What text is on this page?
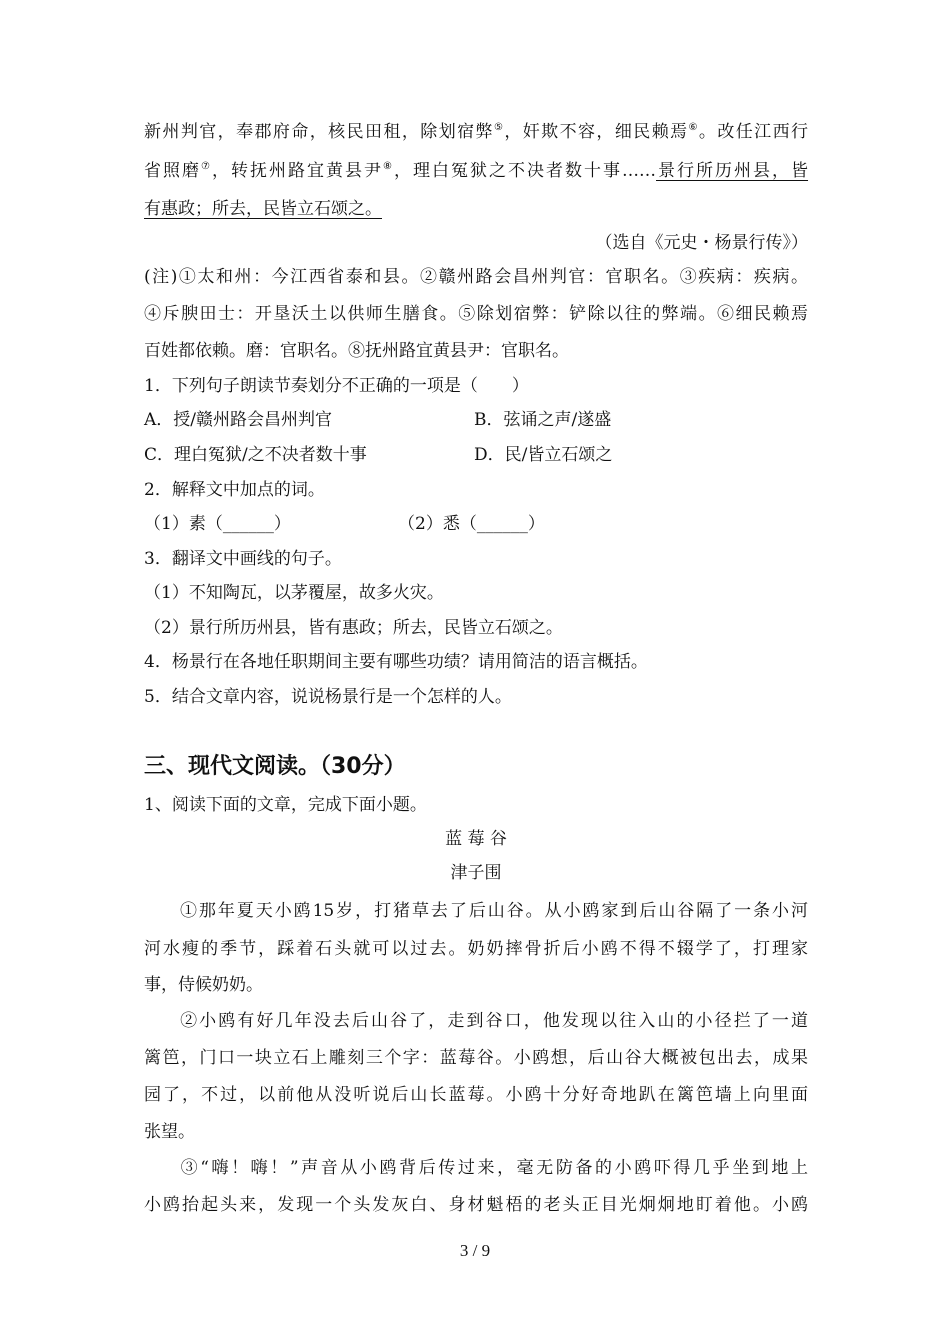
新州判官，奉郡府命，核民田租，除划宿弊⑤，奸欺不容，细民赖焉⑥。改任江西行
省照磨⑦，转抚州路宜黄县尹⑧，理白冤狱之不决者数十事……景行所历州县，皆
有惠政；所去，民皆立石颂之。
（选自《元史・杨景行传》）
(注)①太和州：今江西省泰和县。②赣州路会昌州判官：官职名。③疾病：疾病。
④斥腴田士：开垦沃土以供师生膳食。⑤除划宿弊：铲除以往的弊端。⑥细民赖焉
百姓都依赖。磨：官职名。⑧抚州路宜黄县尹：官职名。
1．下列句子朗读节奏划分不正确的一项是（　　）
A．授/赣州路会昌州判官	B．弦诵之声/遂盛
C．理白冤狱/之不决者数十事	D．民/皆立石颂之
2．解释文中加点的词。
（1）素（______）	（2）悉（______）
3．翻译文中画线的句子。
（1）不知陶瓦，以茅覆屋，故多火灾。
（2）景行所历州县，皆有惠政；所去，民皆立石颂之。
4．杨景行在各地任职期间主要有哪些功绩？请用简洁的语言概括。
5．结合文章内容，说说杨景行是一个怎样的人。
三、现代文阅读。（30分）
1、阅读下面的文章，完成下面小题。
蓝 莓 谷
津子围
①那年夏天小鸥15岁，打猪草去了后山谷。从小鸥家到后山谷隔了一条小河
河水瘦的季节，踩着石头就可以过去。奶奶摔骨折后小鸥不得不辍学了，打理家
事，侍候奶奶。
②小鸥有好几年没去后山谷了，走到谷口，他发现以往入山的小径拦了一道
篱笆，门口一块立石上雕刻三个字：蓝莓谷。小鸥想，后山谷大概被包出去，成果
园了，不过，以前他从没听说后山长蓝莓。小鸥十分好奇地趴在篱笆墙上向里面
张望。
③“嗨！嗨！”声音从小鸥背后传过来，毫无防备的小鸥吓得几乎坐到地上
小鸥抬起头来，发现一个头发灰白、身材魁梧的老头正目光炯炯地盯着他。小鸥
3 / 9
